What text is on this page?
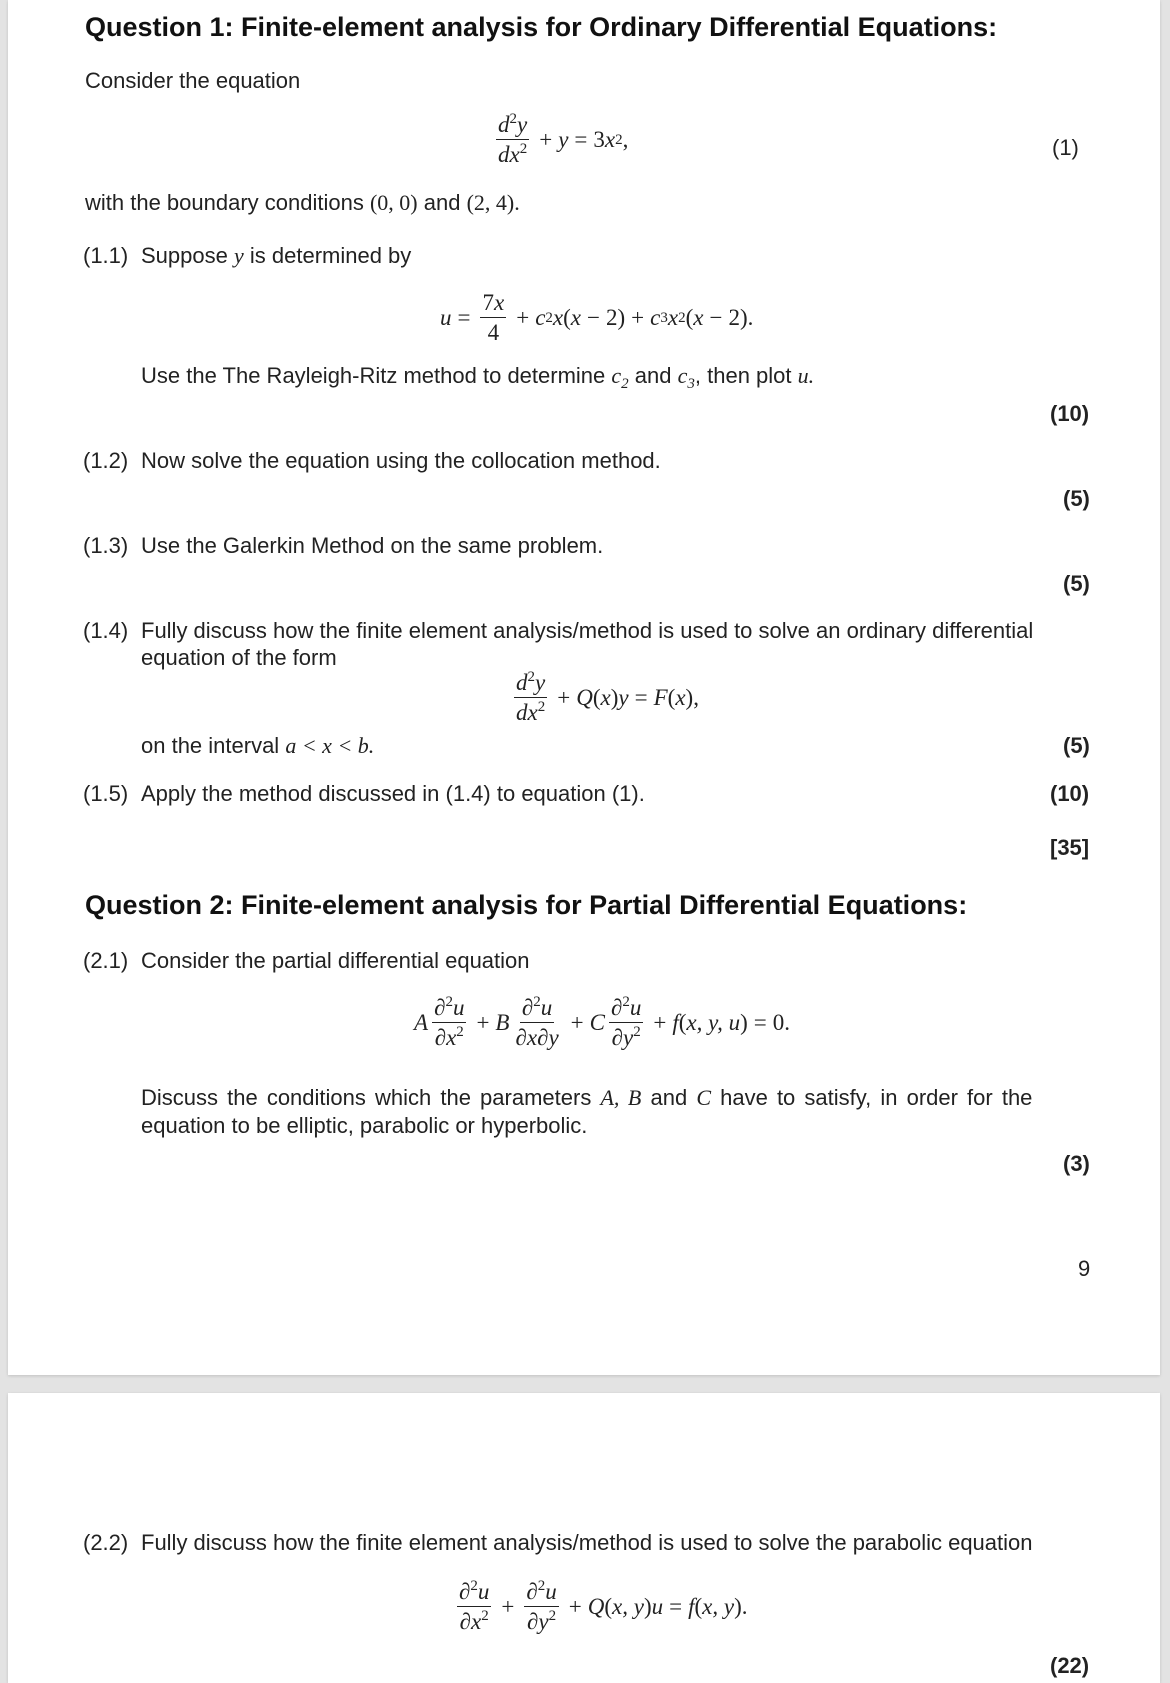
Question 1: Finite-element analysis for Ordinary Differential Equations:
Consider the equation
$\frac{d^2y}{dx^2} + y = 3$ x 2 ,	(1)
with the boundary conditions (0, 0) and (2, 4).
(1.1) Suppose y is determined by
$u = \frac{7x}{4} + c$ 2 x ( x − 2) + c 3 x 2 ( x − 2).
Use the The Rayleigh-Ritz method to determine $c_2$ and $c_3$, then plot u.
(10)
(1.2) Now solve the equation using the collocation method.
(5)
(1.3) Use the Galerkin Method on the same problem.
(5)
(1.4) Fully discuss how the finite element analysis/method is used to solve an ordinary differential
equation of the form
$\frac{d^2y}{dx^2} + Q$ ( x ) y = F ( x ),
on the interval a < x < b.	(5)
(1.5) Apply the method discussed in (1.4) to equation (1).	(10)
[35]
Question 2: Finite-element analysis for Partial Differential Equations:
(2.1) Consider the partial differential equation
A $\frac{\partial^2u}{\partial x^2} + B \frac{\partial^2u}{\partial x\partial y} + C \frac{\partial^2u}{\partial y^2} + f$ ( x, y, u ) = 0.
Discuss the conditions which the parameters A, B and C have to satisfy, in order for the
equation to be elliptic, parabolic or hyperbolic.
(3)
9
(2.2) Fully discuss how the finite element analysis/method is used to solve the parabolic equation
$\frac{\partial^2u}{\partial x^2} + \frac{\partial^2u}{\partial y^2} + Q$ ( x, y ) u = f ( x, y ).
(22)
